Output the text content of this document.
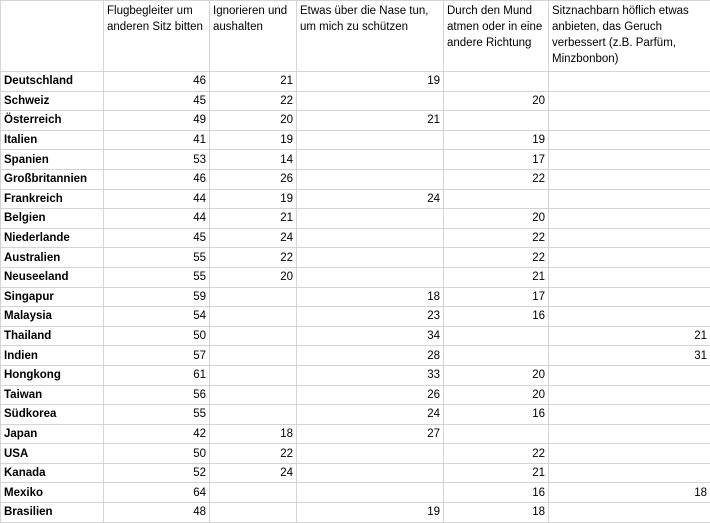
	Flugbegleiter um anderen Sitz bitten	Ignorieren und aushalten	Etwas über die Nase tun, um mich zu schützen	Durch den Mund atmen oder in eine andere Richtung	Sitznachbarn höflich etwas anbieten, das Geruch verbessert (z.B. Parfüm, Minzbonbon)
Deutschland	46	21	19		
Schweiz	45	22		20	
Österreich	49	20	21		
Italien	41	19		19	
Spanien	53	14		17	
Großbritannien	46	26		22	
Frankreich	44	19	24		
Belgien	44	21		20	
Niederlande	45	24		22	
Australien	55	22		22	
Neuseeland	55	20		21	
Singapur	59		18	17	
Malaysia	54		23	16	
Thailand	50		34		21
Indien	57		28		31
Hongkong	61		33	20	
Taiwan	56		26	20	
Südkorea	55		24	16	
Japan	42	18	27		
USA	50	22		22	
Kanada	52	24		21	
Mexiko	64			16	18
Brasilien	48		19	18	
